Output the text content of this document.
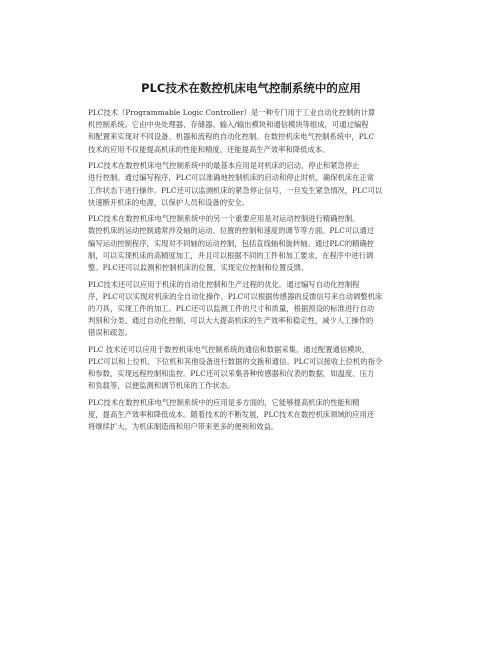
PLC技术在数控机床电气控制系统中的应用

PLC技术（Programmable Logic Controller）是一种专门用于工业自动化控制的计算
机控制系统。它由中央处理器、存储器、输入/输出模块和通信模块等组成，可通过编程
和配置来实现对不同设备、机器和流程的自动化控制。在数控机床电气控制系统中，PLC
技术的应用不仅能提高机床的性能和精度，还能提高生产效率和降低成本。

PLC技术在数控机床电气控制系统中的最基本应用是对机床的启动、停止和紧急停止
进行控制。通过编写程序，PLC可以准确地控制机床的启动和停止时机，确保机床在正常
工作状态下进行操作。PLC还可以监测机床的紧急停止信号，一旦发生紧急情况，PLC可以
快速断开机床的电源，以保护人员和设备的安全。

PLC技术在数控机床电气控制系统中的另一个重要应用是对运动控制进行精确控制。
数控机床的运动控制通常涉及轴的运动、位置的控制和速度的调节等方面。PLC可以通过
编写运动控制程序，实现对不同轴的运动控制，包括直线轴和旋转轴。通过PLC的精确控
制，可以实现机床的高精度加工，并且可以根据不同的工件和加工要求，在程序中进行调
整。PLC还可以监测和控制机床的位置，实现定位控制和位置反馈。

PLC技术还可以应用于机床的自动化控制和生产过程的优化。通过编写自动化控制程
序，PLC可以实现对机床的全自动化操作。PLC可以根据传感器的反馈信号来自动调整机床
的刀具，实现工件的加工。PLC还可以监测工件的尺寸和质量，根据预设的标准进行自动
判别和分类。通过自动化控制，可以大大提高机床的生产效率和稳定性，减少人工操作的
错误和疏忽。

PLC 技术还可以应用于数控机床电气控制系统的通信和数据采集。通过配置通信模块，
PLC可以和上位机、下位机和其他设备进行数据的交换和通信。PLC可以接收上位机的指令
和参数，实现远程控制和监控。PLC还可以采集各种传感器和仪表的数据，如温度、压力
和负载等，以便监测和调节机床的工作状态。

PLC技术在数控机床电气控制系统中的应用是多方面的，它能够提高机床的性能和精
度，提高生产效率和降低成本。随着技术的不断发展，PLC技术在数控机床领域的应用还
将继续扩大，为机床制造商和用户带来更多的便利和效益。
